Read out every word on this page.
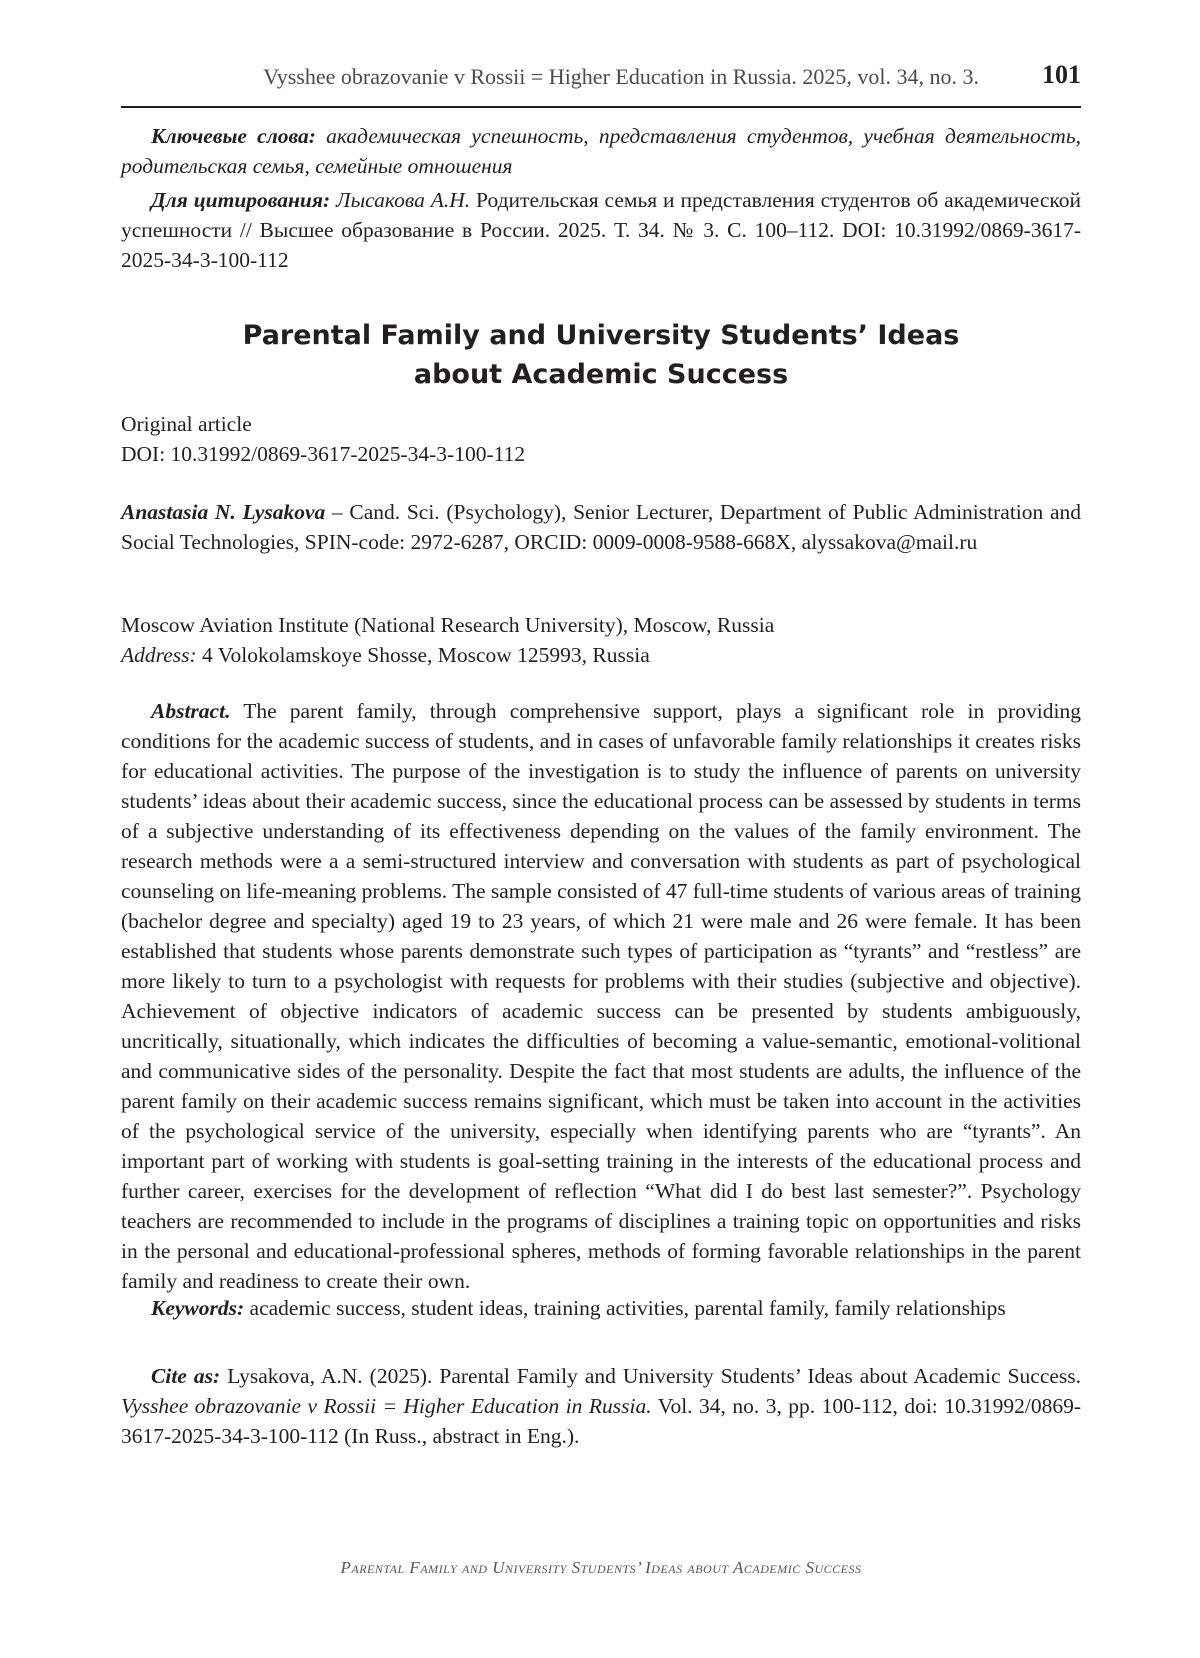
Vysshee obrazovanie v Rossii = Higher Education in Russia. 2025, vol. 34, no. 3. 101
Ключевые слова: академическая успешность, представления студентов, учебная деятельность, родительская семья, семейные отношения
Для цитирования: Лысакова А.Н. Родительская семья и представления студентов об академической успешности // Высшее образование в России. 2025. Т. 34. № 3. С. 100–112. DOI: 10.31992/0869-3617-2025-34-3-100-112
Parental Family and University Students’ Ideas
about Academic Success
Original article
DOI: 10.31992/0869-3617-2025-34-3-100-112
Anastasia N. Lysakova – Cand. Sci. (Psychology), Senior Lecturer, Department of Public Administration and Social Technologies, SPIN-code: 2972-6287, ORCID: 0009-0008-9588-668X, alyssakova@mail.ru
Moscow Aviation Institute (National Research University), Moscow, Russia
Address: 4 Volokolamskoye Shosse, Moscow 125993, Russia
Abstract. The parent family, through comprehensive support, plays a significant role in providing conditions for the academic success of students, and in cases of unfavorable family relationships it creates risks for educational activities. The purpose of the investigation is to study the influence of parents on university students’ ideas about their academic success, since the educational process can be assessed by students in terms of a subjective understanding of its effectiveness depending on the values of the family environment. The research methods were a a semi-structured interview and conversation with students as part of psychological counseling on life-meaning problems. The sample consisted of 47 full-time students of various areas of training (bachelor degree and specialty) aged 19 to 23 years, of which 21 were male and 26 were female. It has been established that students whose parents demonstrate such types of participation as “tyrants” and “restless” are more likely to turn to a psychologist with requests for problems with their studies (subjective and objective). Achievement of objective indicators of academic success can be presented by students ambiguously, uncritically, situationally, which indicates the difficulties of becoming a value-semantic, emotional-volitional and communicative sides of the personality. Despite the fact that most students are adults, the influence of the parent family on their academic success remains significant, which must be taken into account in the activities of the psychological service of the university, especially when identifying parents who are “tyrants”. An important part of working with students is goal-setting training in the interests of the educational process and further career, exercises for the development of reflection “What did I do best last semester?”. Psychology teachers are recommended to include in the programs of disciplines a training topic on opportunities and risks in the personal and educational-professional spheres, methods of forming favorable relationships in the parent family and readiness to create their own.
Keywords: academic success, student ideas, training activities, parental family, family relationships
Cite as: Lysakova, A.N. (2025). Parental Family and University Students’ Ideas about Academic Success. Vysshee obrazovanie v Rossii = Higher Education in Russia. Vol. 34, no. 3, pp. 100-112, doi: 10.31992/0869-3617-2025-34-3-100-112 (In Russ., abstract in Eng.).
Parental Family and University Students’ Ideas about Academic Success
